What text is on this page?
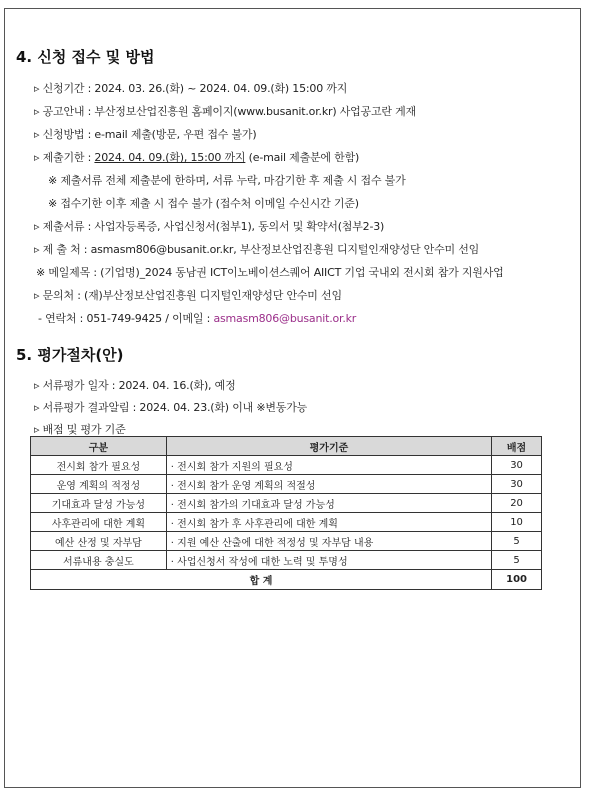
4. 신청 접수 및 방법
▹ 신청기간 : 2024. 03. 26.(화) ~ 2024. 04. 09.(화) 15:00 까지
▹ 공고안내 : 부산정보산업진흥원 홈페이지(www.busanit.or.kr) 사업공고란 게재
▹ 신청방법 : e-mail 제출(방문, 우편 접수 불가)
▹ 제출기한 : 2024. 04. 09.(화), 15:00 까지 (e-mail 제출분에 한함)
※ 제출서류 전체 제출분에 한하며, 서류 누락, 마감기한 후 제출 시 접수 불가
※ 접수기한 이후 제출 시 접수 불가 (접수처 이메일 수신시간 기준)
▹ 제출서류 : 사업자등록증, 사업신청서(첨부1), 동의서 및 확약서(첨부2-3)
▹ 제 출 처 : asmasm806@busanit.or.kr, 부산정보산업진흥원 디지털인재양성단 안수미 선임
※ 메일제목 : (기업명)_2024 동남권 ICT이노베이션스퀘어 AIICT 기업 국내외 전시회 참가 지원사업
▹ 문의처 : (재)부산정보산업진흥원 디지털인재양성단 안수미 선임
- 연락처 : 051-749-9425 / 이메일 : asmasm806@busanit.or.kr
5. 평가절차(안)
▹ 서류평가 일자 : 2024. 04. 16.(화), 예정
▹ 서류평가 결과알림 : 2024. 04. 23.(화) 이내 ※변동가능
▹ 배점 및 평가 기준
구분	평가기준	배점
전시회 참가 필요성	· 전시회 참가 지원의 필요성	30
운영 계획의 적정성	· 전시회 참가 운영 계획의 적절성	30
기대효과 달성 가능성	· 전시회 참가의 기대효과 달성 가능성	20
사후관리에 대한 계획	· 전시회 참가 후 사후관리에 대한 계획	10
예산 산정 및 자부담	· 지원 예산 산출에 대한 적정성 및 자부담 내용	5
서류내용 충실도	· 사업신청서 작성에 대한 노력 및 투명성	5
합 계		100
